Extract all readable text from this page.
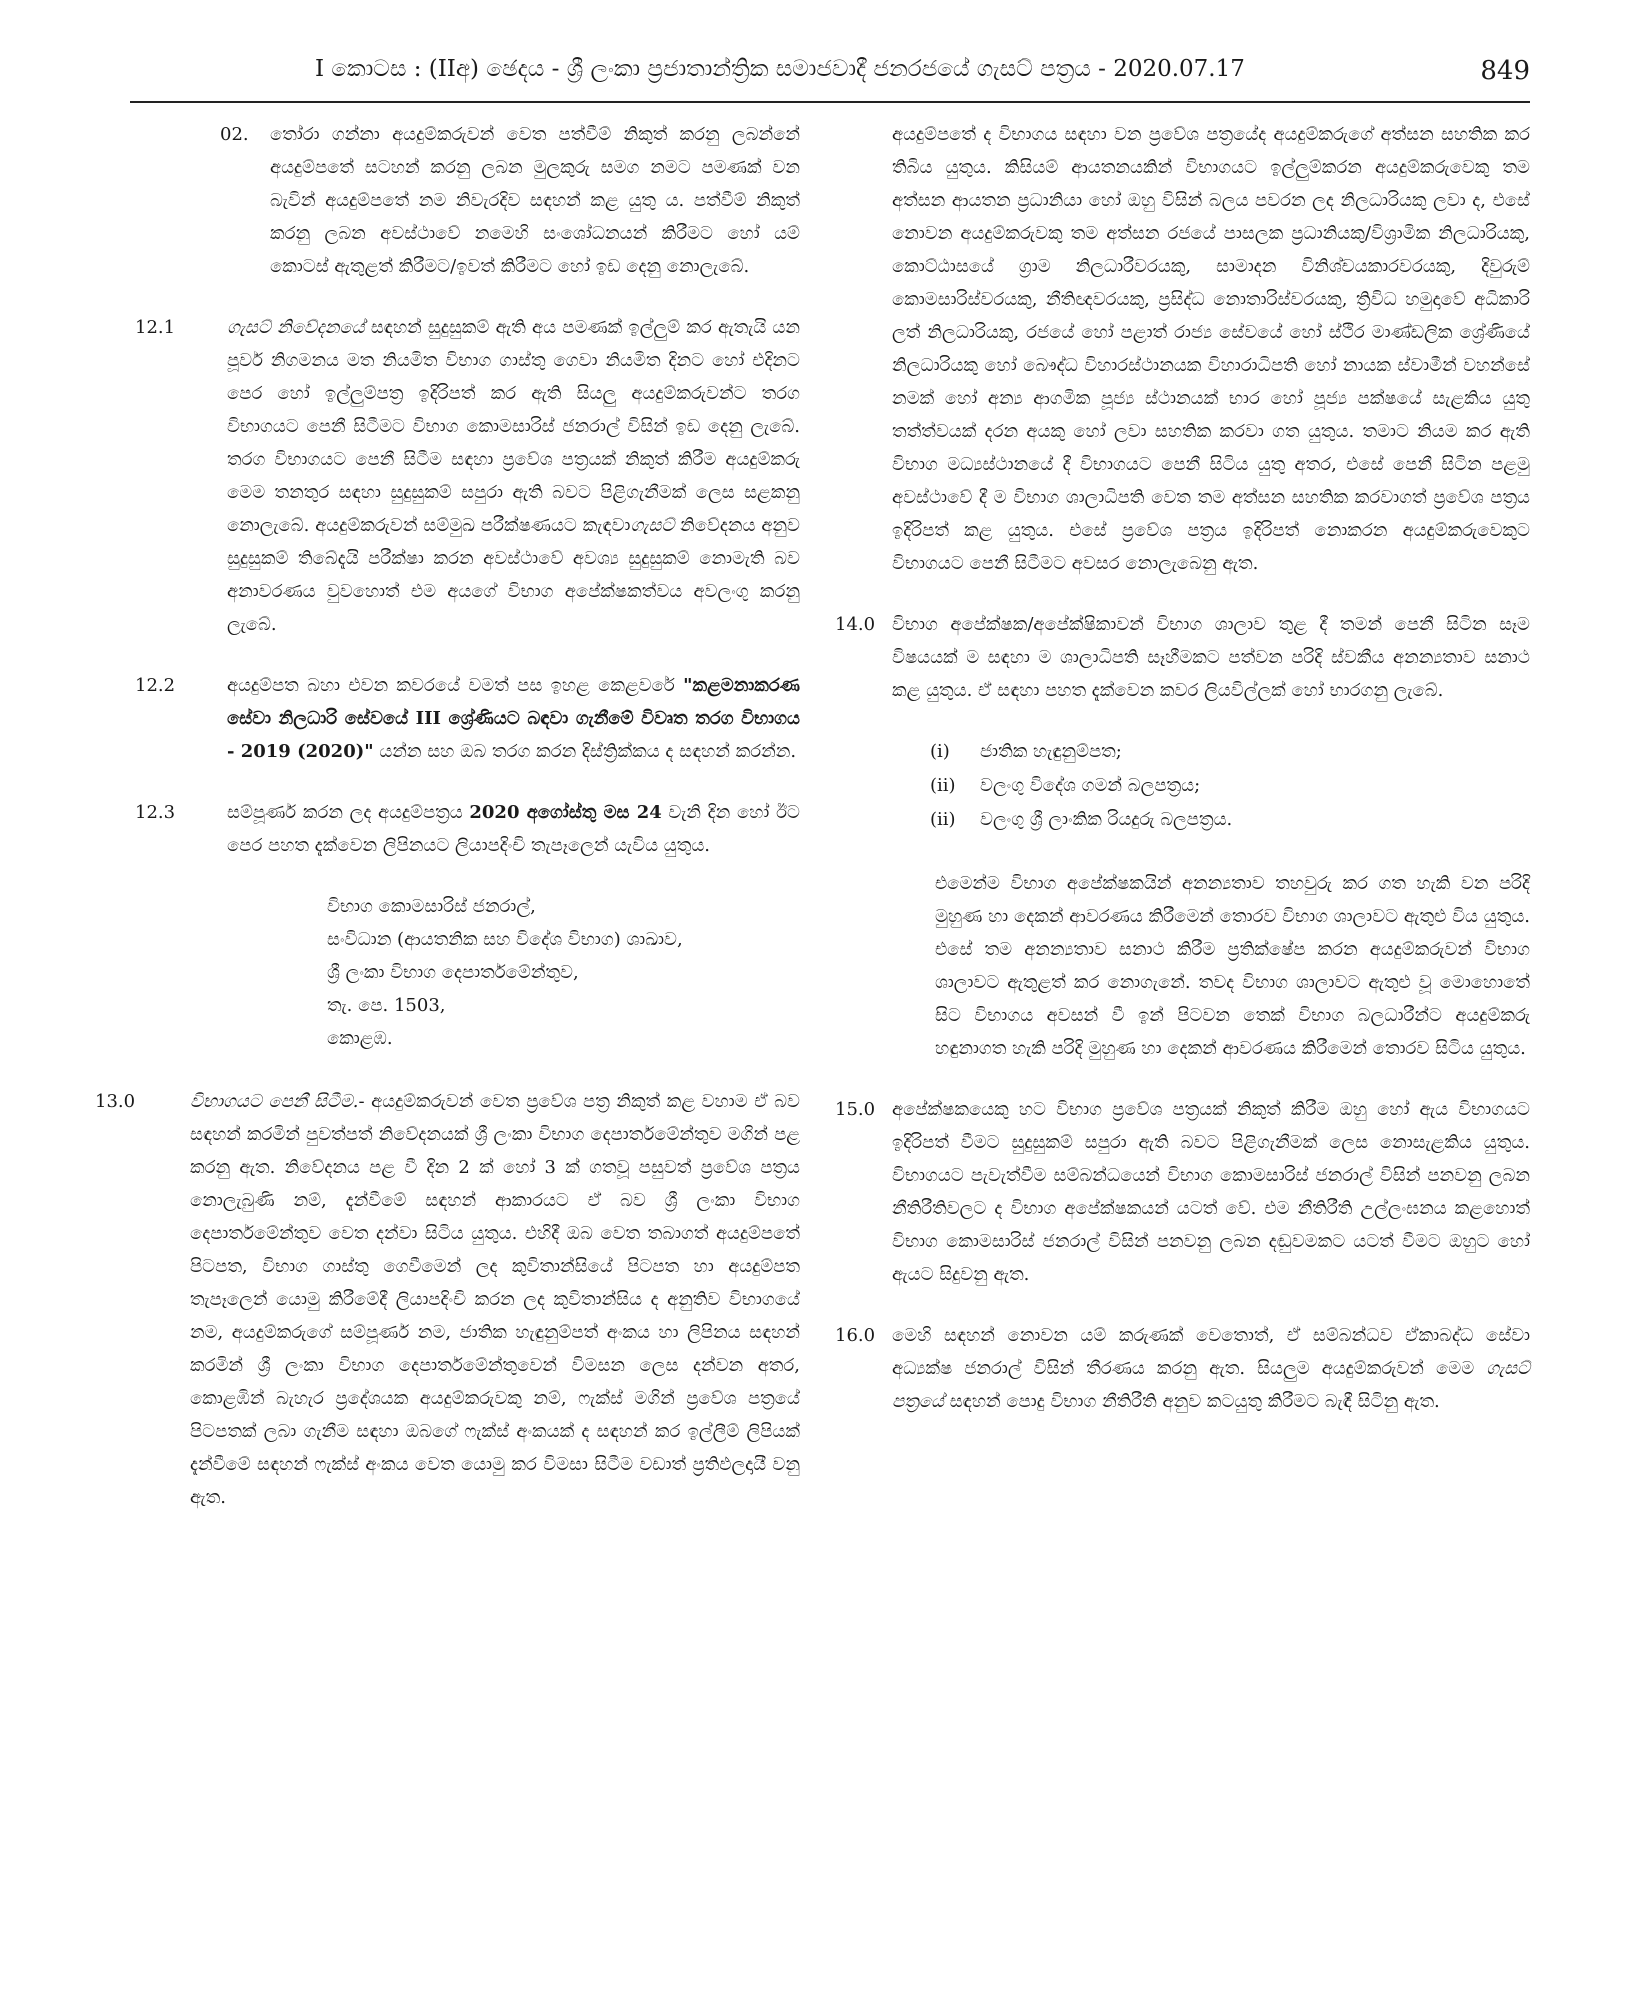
I කොටස : (IIඅ) ඡෙදය - ශ්‍රී ලංකා ප්‍රජාතාන්ත්‍රික සමාජවාදී ජනරජයේ ගැසට් පත්‍රය - 2020.07.17	849
02. තෝරා ගන්නා අයදුම්කරුවන් වෙත පත්වීම් නිකුත් කරනු ලබන්නේ අයදුම්පතේ සටහන් කරනු ලබන මුලකුරු සමග නමට පමණක් වන බැවින් අයදුම්පතේ නම නිවැරදිව සඳහන් කළ යුතු ය. පත්වීම් නිකුත් කරනු ලබන අවස්ථාවේ නමෙහි සංශෝධනයන් කිරීමට හෝ යම් කොටස් ඇතුළත් කිරීමට/ඉවත් කිරීමට හෝ ඉඩ දෙනු නොලැබේ.
12.1	ගැසට් නිවේදනයේ සඳහන් සුදුසුකම් ඇති අය පමණක් ඉල්ලුම් කර ඇතැයි යන පූර්ව නිගමනය මත නියමිත විභාග ගාස්තු ගෙවා නියමිත දිනට හෝ එදිනට පෙර හෝ ඉල්ලුම්පත්‍ර ඉදිරිපත් කර ඇති සියලු අයදුම්කරුවන්ට තරග විභාගයට පෙනී සිටීමට විභාග කොමසාරිස් ජනරාල් විසින් ඉඩ දෙනු ලැබේ. තරග විභාගයට පෙනී සිටීම සඳහා ප්‍රවේශ පත්‍රයක් නිකුත් කිරීම අයදුම්කරු මෙම තනතුර සඳහා සුදුසුකම් සපුරා ඇති බවට පිළිගැනීමක් ලෙස සළකනු නොලැබේ. අයදුම්කරුවන් සම්මුඛ පරීක්ෂණයට කැඳවාගැසට් නිවේදනය අනුව සුදුසුකම් තිබේදැයි පරීක්ෂා කරන අවස්ථාවේ අවශ්‍ය සුදුසුකම් නොමැති බව අනාවරණය වුවහොත් එම අයගේ විභාග අපේක්ෂකත්වය අවලංගු කරනු ලැබේ.
12.2	අයදුම්පත බහා එවන කවරයේ වමත් පස ඉහළ කෙළවරේ "කළමනාකරණ සේවා නිලධාරි සේවයේ III ශ්‍රේණියට බඳවා ගැනීමේ විවෘත තරග විභාගය - 2019 (2020)" යන්න සහ ඔබ තරග කරන දිස්ත්‍රික්කය ද සඳහන් කරන්න.
12.3	සම්පූර්ණ කරන ලද අයදුම්පත්‍රය 2020 අගෝස්තු මස 24 වැනි දින හෝ ඊට පෙර පහත දැක්වෙන ලිපිනයට ලියාපදිංචි තැපෑලෙන් යැවිය යුතුය.
විභාග කොමසාරිස් ජනරාල්,
සංවිධාන (ආයතනික සහ විදේශ විභාග) ශාඛාව,
ශ්‍රී ලංකා විභාග දෙපාර්තමේන්තුව,
තැ. පෙ. 1503,
කොළඹ.
13.0	විභාගයට පෙනී සිටීම.- අයදුම්කරුවන් වෙත ප්‍රවේශ පත්‍ර නිකුත් කළ වහාම ඒ බව සඳහන් කරමින් පුවත්පත් නිවේදනයක් ශ්‍රී ලංකා විභාග දෙපාර්තමේන්තුව මගින් පළ කරනු ඇත. නිවේදනය පළ වී දින 2 ක් හෝ 3 ක් ගතවූ පසුවත් ප්‍රවේශ පත්‍රය නොලැබුණි නම්, දැන්වීමේ සඳහන් ආකාරයට ඒ බව ශ්‍රී ලංකා විභාග දෙපාර්තමේන්තුව වෙත දන්වා සිටිය යුතුය. එහිදී ඔබ වෙත තබාගත් අයදුම්පතේ පිටපත, විභාග ගාස්තු ගෙවීමෙන් ලද කුවිතාන්සියේ පිටපත හා අයදුම්පත තැපෑලෙන් යොමු කිරීමේදී ලියාපදිංචි කරන ලද කුවිතාන්සිය ද අනුතිව විභාගයේ නම, අයදුම්කරුගේ සම්පූර්ණ නම, ජාතික හැඳුනුම්පත් අංකය හා ලිපිනය සඳහන් කරමින් ශ්‍රී ලංකා විභාග දෙපාර්තමේන්තුවෙන් විමසන ලෙස දන්වන අතර, කොළඹින් බැහැර ප්‍රදේශයක අයදුම්කරුවකු නම්, ෆැක්ස් මගින් ප්‍රවේශ පත්‍රයේ පිටපතක් ලබා ගැනීම සඳහා ඔබගේ ෆැක්ස් අංකයක් ද සඳහන් කර ඉල්ලීම් ලිපියක් දැන්වීමේ සඳහන් ෆැක්ස් අංකය වෙත යොමු කර විමසා සිටීම වඩාත් ප්‍රතිඵලදායී වනු ඇත.
අයදුම්පතේ ද විභාගය සඳහා වන ප්‍රවේශ පත්‍රයේද අයදුම්කරුගේ අත්සන සහතික කර තිබිය යුතුය. කිසියම් ආයතනයකින් විභාගයට ඉල්ලුම්කරන අයදුම්කරුවෙකු තම අත්සන ආයතන ප්‍රධානියා හෝ ඔහු විසින් බලය පවරන ලද නිලධාරියකු ලවා ද, එසේ නොවන අයදුම්කරුවකු තම අත්සන රජයේ පාසලක ප්‍රධානියකු/විශ්‍රාමික නිලධාරියකු, කොට්ඨාසයේ ග්‍රාම නිලධාරීවරයකු, සාමාදන විනිශ්චයකාරවරයකු, දිවුරුම් කොමසාරිස්වරයකු, නීතිඥවරයකු, ප්‍රසිද්ධ නොතාරිස්වරයකු, ත්‍රිවිධ හමුදාවේ අධිකාරි ලත් නිලධාරියකු, රජයේ හෝ පළාත් රාජ්‍ය සේවයේ හෝ ස්ථිර මාණ්ඩලික ශ්‍රේණියේ නිලධාරියකු හෝ බෞද්ධ විහාරස්ථානයක විහාරාධිපති හෝ නායක ස්වාමීන් වහන්සේ නමක් හෝ අන්‍ය ආගමික පූජ්‍ය ස්ථානයක් භාර හෝ පූජ්‍ය පක්ෂයේ සැළකිය යුතු තත්ත්වයක් දරන අයකු හෝ ලවා සහතික කරවා ගත යුතුය. තමාට නියම කර ඇති විභාග මධ්‍යස්ථානයේ දී විභාගයට පෙනී සිටිය යුතු අතර, එසේ පෙනී සිටින පළමු අවස්ථාවේ දී ම විභාග ශාලාධිපති වෙත තම අත්සන සහතික කරවාගත් ප්‍රවේශ පත්‍රය ඉදිරිපත් කළ යුතුය. එසේ ප්‍රවේශ පත්‍රය ඉදිරිපත් නොකරන අයදුම්කරුවෙකුට විභාගයට පෙනී සිටීමට අවසර නොලැබෙනු ඇත.
14.0 විභාග අපේක්ෂක/අපේක්ෂිකාවන් විභාග ශාලාව තුළ දී තමන් පෙනී සිටින සෑම විෂයයක් ම සඳහා ම ශාලාධිපති සෑහීමකට පත්වන පරිදි ස්වකීය අනන්‍යතාව සනාථ කළ යුතුය. ඒ සඳහා පහත දැක්වෙන කවර ලියවිල්ලක් හෝ භාරගනු ලැබේ.
(i) ජාතික හැඳුනුම්පත;
(ii) වලංගු විදේශ ගමන් බලපත්‍රය;
(ii) වලංගු ශ්‍රී ලාංකික රියදුරු බලපත්‍රය.
එමෙන්ම විභාග අපේක්ෂකයින් අනන්‍යතාව තහවුරු කර ගත හැකි වන පරිදි මුහුණ හා දෙකන් ආවරණය කිරීමෙන් තොරව විභාග ශාලාවට ඇතුළු විය යුතුය. එසේ තම අනන්‍යතාව සනාථ කිරීම ප්‍රතික්ෂේප කරන අයදුම්කරුවන් විභාග ශාලාවට ඇතුළත් කර නොගැනේ. තවද විභාග ශාලාවට ඇතුළු වූ මොහොතේ සිට විභාගය අවසන් වී ඉන් පිටවන තෙක් විභාග බලධාරීන්ට අයදුම්කරු හඳුනාගත හැකි පරිදි මුහුණ හා දෙකන් ආවරණය කිරීමෙන් තොරව සිටිය යුතුය.
15.0 අපේක්ෂකයෙකු හට විභාග ප්‍රවේශ පත්‍රයක් නිකුත් කිරීම ඔහු හෝ ඇය විභාගයට ඉදිරිපත් වීමට සුදුසුකම් සපුරා ඇති බවට පිළිගැනීමක් ලෙස නොසැළකිය යුතුය. විභාගයට පැවැත්වීම සම්බන්ධයෙන් විභාග කොමසාරිස් ජනරාල් විසින් පනවනු ලබන නීතිරීතිවලට ද විභාග අපේක්ෂකයන් යටත් වේ. එම නීතිරීති උල්ලංඝනය කළහොත් විභාග කොමසාරිස් ජනරාල් විසින් පනවනු ලබන දඬුවමකට යටත් වීමට ඔහුට හෝ ඇයට සිදුවනු ඇත.
16.0 මෙහි සඳහන් නොවන යම් කරුණක් වෙතොත්, ඒ සම්බන්ධව ඒකාබද්ධ සේවා අධ්‍යක්ෂ ජනරාල් විසින් තීරණය කරනු ඇත. සියලුම අයදුම්කරුවන් මෙම ගැසට් පත්‍රයේ සඳහන් පොදු විභාග නීතිරීති අනුව කටයුතු කිරීමට බැඳී සිටිනු ඇත.
